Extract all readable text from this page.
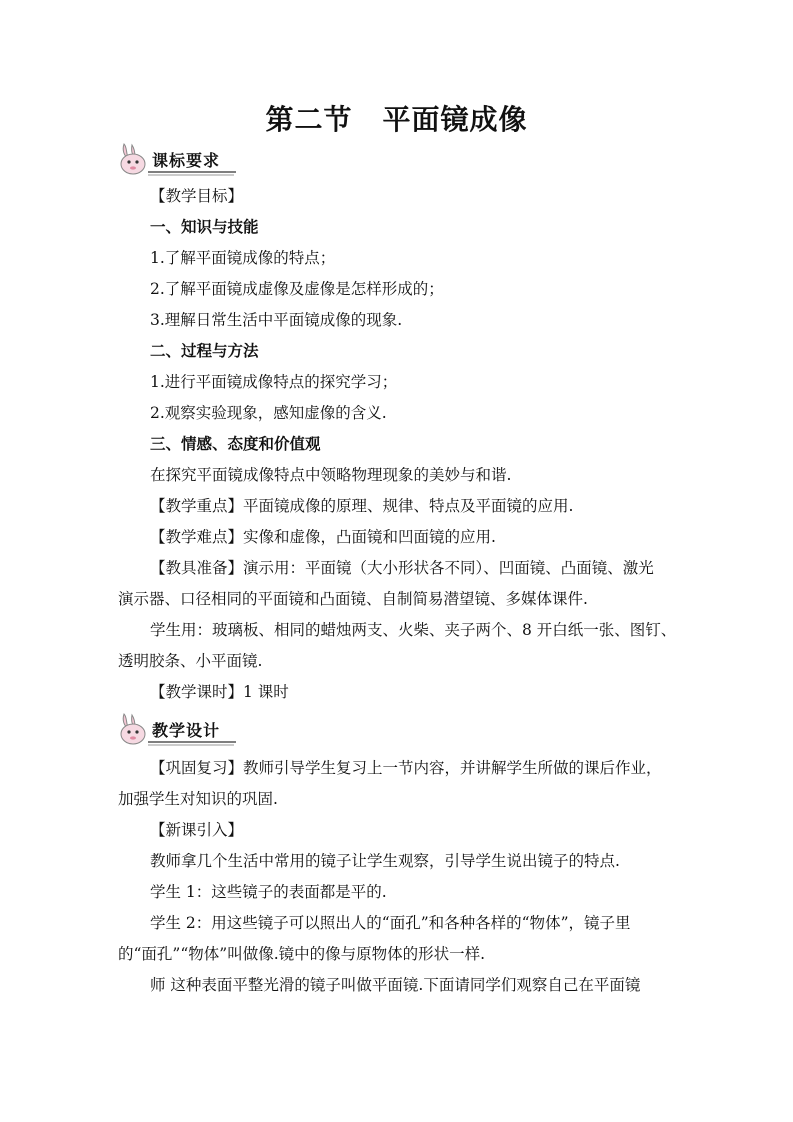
第二节 平面镜成像
课标要求
【教学目标】
一、知识与技能
1.了解平面镜成像的特点；
2.了解平面镜成虚像及虚像是怎样形成的；
3.理解日常生活中平面镜成像的现象.
二、过程与方法
1.进行平面镜成像特点的探究学习；
2.观察实验现象，感知虚像的含义.
三、情感、态度和价值观
在探究平面镜成像特点中领略物理现象的美妙与和谐.
【教学重点】平面镜成像的原理、规律、特点及平面镜的应用.
【教学难点】实像和虚像，凸面镜和凹面镜的应用.
【教具准备】演示用：平面镜（大小形状各不同）、凹面镜、凸面镜、激光
演示器、口径相同的平面镜和凸面镜、自制简易潜望镜、多媒体课件.
学生用：玻璃板、相同的蜡烛两支、火柴、夹子两个、8 开白纸一张、图钉、
透明胶条、小平面镜.
【教学课时】1 课时
教学设计
【巩固复习】教师引导学生复习上一节内容，并讲解学生所做的课后作业，
加强学生对知识的巩固.
【新课引入】
教师拿几个生活中常用的镜子让学生观察，引导学生说出镜子的特点.
学生 1：这些镜子的表面都是平的.
学生 2：用这些镜子可以照出人的“面孔”和各种各样的“物体”，镜子里
的“面孔”“物体”叫做像.镜中的像与原物体的形状一样.
师 这种表面平整光滑的镜子叫做平面镜.下面请同学们观察自己在平面镜
